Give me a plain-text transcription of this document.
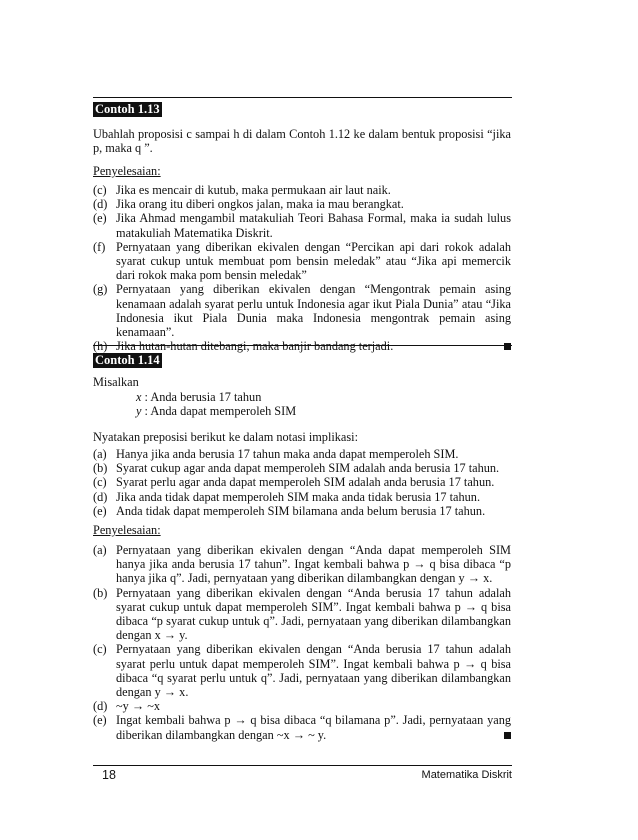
Contoh 1.13
Ubahlah proposisi c sampai h di dalam Contoh 1.12 ke dalam bentuk proposisi “jika p, maka q ”.
Penyelesaian:
(c) Jika es mencair di kutub, maka permukaan air laut naik.
(d) Jika orang itu diberi ongkos jalan, maka ia mau berangkat.
(e) Jika Ahmad mengambil matakuliah Teori Bahasa Formal, maka ia sudah lulus matakuliah Matematika Diskrit.
(f) Pernyataan yang diberikan ekivalen dengan “Percikan api dari rokok adalah syarat cukup untuk membuat pom bensin meledak” atau “Jika api memercik dari rokok maka pom bensin meledak”
(g) Pernyataan yang diberikan ekivalen dengan “Mengontrak pemain asing kenamaan adalah syarat perlu untuk Indonesia agar ikut Piala Dunia” atau “Jika Indonesia ikut Piala Dunia maka Indonesia mengontrak pemain asing kenamaan”.
(h) Jika hutan-hutan ditebangi, maka banjir bandang terjadi.
Contoh 1.14
Misalkan
x : Anda berusia 17 tahun
y : Anda dapat memperoleh SIM
Nyatakan preposisi berikut ke dalam notasi implikasi:
(a) Hanya jika anda berusia 17 tahun maka anda dapat memperoleh SIM.
(b) Syarat cukup agar anda dapat memperoleh SIM adalah anda berusia 17 tahun.
(c) Syarat perlu agar anda dapat memperoleh SIM adalah anda berusia 17 tahun.
(d) Jika anda tidak dapat memperoleh SIM maka anda tidak berusia 17 tahun.
(e) Anda tidak dapat memperoleh SIM bilamana anda belum berusia 17 tahun.
Penyelesaian:
(a) Pernyataan yang diberikan ekivalen dengan “Anda dapat memperoleh SIM hanya jika anda berusia 17 tahun”. Ingat kembali bahwa p → q bisa dibaca “p hanya jika q”. Jadi, pernyataan yang diberikan dilambangkan dengan y → x.
(b) Pernyataan yang diberikan ekivalen dengan “Anda berusia 17 tahun adalah syarat cukup untuk dapat memperoleh SIM”. Ingat kembali bahwa p → q bisa dibaca “p syarat cukup untuk q”. Jadi, pernyataan yang diberikan dilambangkan dengan x → y.
(c) Pernyataan yang diberikan ekivalen dengan “Anda berusia 17 tahun adalah syarat perlu untuk dapat memperoleh SIM”. Ingat kembali bahwa p → q bisa dibaca “q syarat perlu untuk q”. Jadi, pernyataan yang diberikan dilambangkan dengan y → x.
(d) ~y → ~x
(e) Ingat kembali bahwa p → q bisa dibaca “q bilamana p”. Jadi, pernyataan yang diberikan dilambangkan dengan ~x → ~ y.
18	Matematika Diskrit
